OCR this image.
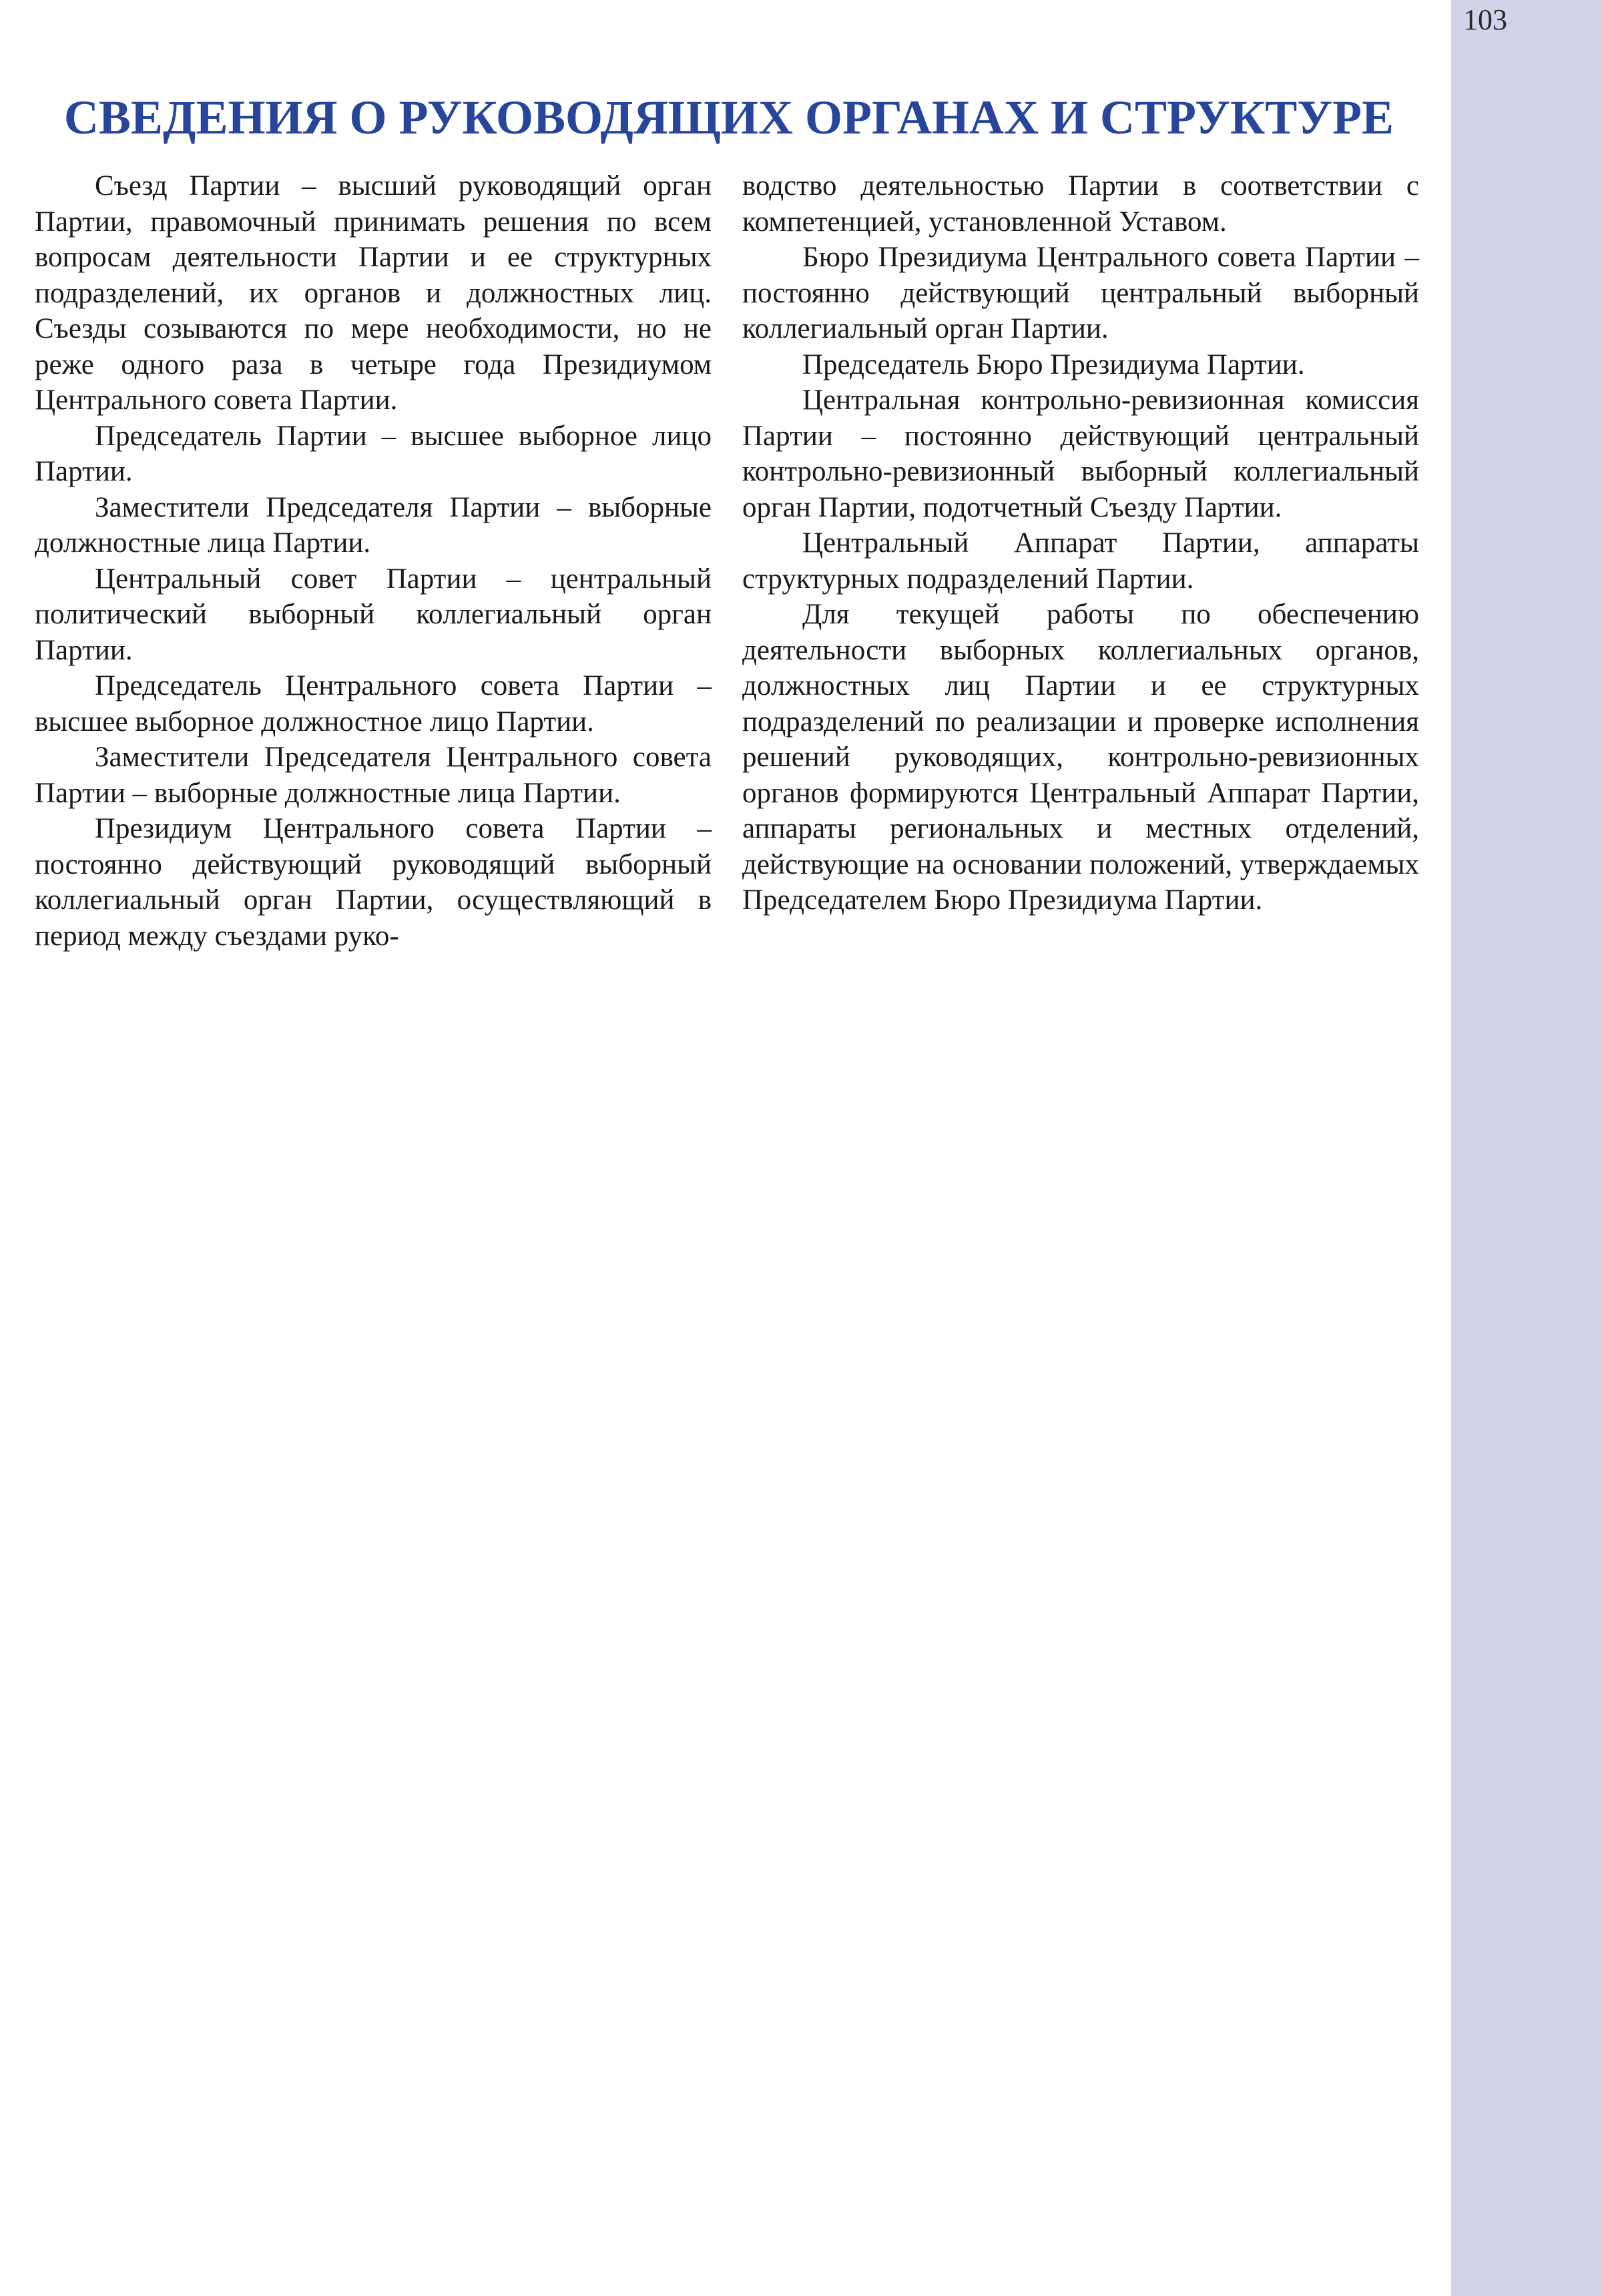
103
СВЕДЕНИЯ О РУКОВОДЯЩИХ ОРГАНАХ И СТРУКТУРЕ

Съезд Партии – высший руководящий орган Партии, правомочный принимать решения по всем вопросам деятельности Партии и ее структурных подразделений, их органов и должностных лиц. Съезды созываются по мере необходимости, но не реже одного раза в четыре года Президиумом Центрального совета Партии.

Председатель Партии – высшее выборное лицо Партии.

Заместители Председателя Партии – выборные должностные лица Партии.

Центральный совет Партии – центральный политический выборный коллегиальный орган Партии.

Председатель Центрального совета Партии – высшее выборное должностное лицо Партии.

Заместители Председателя Центрального совета Партии – выборные должностные лица Партии.

Президиум Центрального совета Партии – постоянно действующий руководящий выборный коллегиальный орган Партии, осуществляющий в период между съездами руко-

водство деятельностью Партии в соответствии с компетенцией, установленной Уставом.

Бюро Президиума Центрального совета Партии – постоянно действующий центральный выборный коллегиальный орган Партии.

Председатель Бюро Президиума Партии.

Центральная контрольно-ревизионная комиссия Партии – постоянно действующий центральный контрольно-ревизионный выборный коллегиальный орган Партии, подотчетный Съезду Партии.

Центральный Аппарат Партии, аппараты структурных подразделений Партии.

Для текущей работы по обеспечению деятельности выборных коллегиальных органов, должностных лиц Партии и ее структурных подразделений по реализации и проверке исполнения решений руководящих, контрольно-ревизионных органов формируются Центральный Аппарат Партии, аппараты региональных и местных отделений, действующие на основании положений, утверждаемых Председателем Бюро Президиума Партии.
